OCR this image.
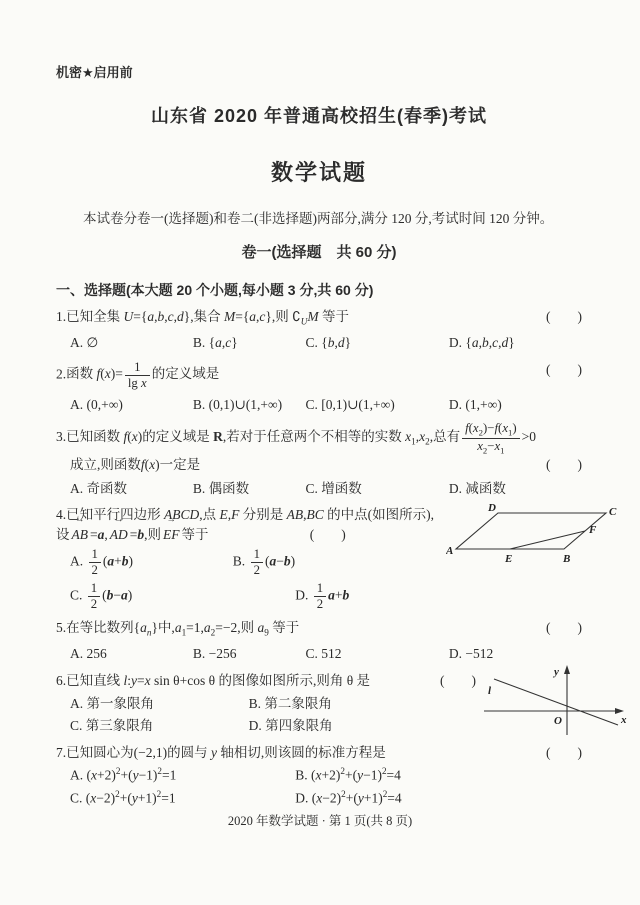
机密★启用前
山东省 2020 年普通高校招生(春季)考试
数学试题
本试卷分卷一(选择题)和卷二(非选择题)两部分,满分 120 分,考试时间 120 分钟。
卷一(选择题　共 60 分)
一、选择题(本大题 20 个小题,每小题 3 分,共 60 分)
1.已知全集 U={a,b,c,d},集合 M={a,c},则 $∁_UM$ 等于	(　　)
A. ∅	B. {a,c}	C. {b,d}	D. {a,b,c,d}
2.函数 $f(x)= \frac{1}{\text{lg x}}$ 的定义域是	(　　)
A. (0,+∞)	B. (0,1)∪(1,+∞)	C. [0,1)∪(1,+∞)	D. (1,+∞)
3.已知函数 f(x)的定义域是 R,若对于任意两个不相等的实数 $x_1,x_2$,总有 $\frac{f(x_2)-f(x_1)}{x_2-x_1} >0$
成立,则函数f(x)一定是	(　　)
A. 奇函数	B. 偶函数	C. 增函数	D. 减函数
D	C
A
E	B
F
4.已知平行四边形 ABCD,点 E,F 分别是 AB,BC 的中点(如图所示),设 AB → =a, AD → =b,则 EF → 等于	(　　)
A. $\frac{1}{2} (a+b)$	B. $\frac{1}{2} (a-b)$
C. $\frac{1}{2} (b-a)$	D. $\frac{1}{2} a+b$
5.在等比数列$\{a_n\}$中$,a_1=1,a_2=-2$,则 $a_9$ 等于	(　　)
A. 256	B. −256	C. 512	D. −512
y
x
O
l
6.已知直线 l:y=x sin θ+cos θ 的图像如图所示,则角 θ 是	(　　)
A. 第一象限角	B. 第二象限角
C. 第三象限角	D. 第四象限角
7.已知圆心为(−2,1)的圆与 y 轴相切,则该圆的标准方程是	(　　)
A. $(x+2)^2+(y-1)^2=1$	B. $(x+2)^2+(y-1)^2=4$
C. $(x-2)^2+(y+1)^2=1$	D. $(x-2)^2+(y+1)^2=4$
2020 年数学试题 · 第 1 页(共 8 页)
